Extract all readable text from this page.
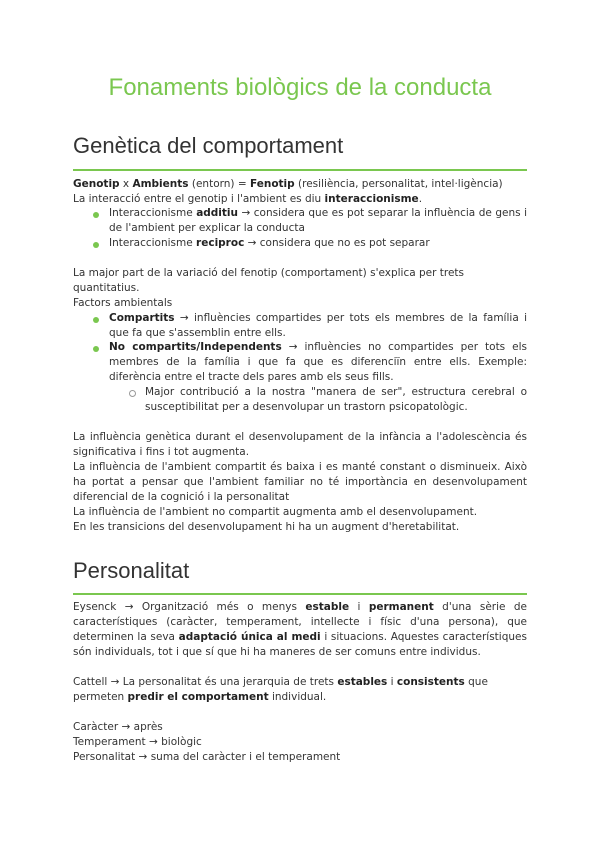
Fonaments biològics de la conducta
Genètica del comportament
Genotip x Ambients (entorn) = Fenotip (resiliència, personalitat, intel·ligència)
La interacció entre el genotip i l'ambient es diu interaccionisme.
Interaccionisme additiu → considera que es pot separar la influència de gens i de l'ambient per explicar la conducta
Interaccionisme reciproc → considera que no es pot separar
La major part de la variació del fenotip (comportament) s'explica per trets quantitatius.
Factors ambientals
Compartits → influències compartides per tots els membres de la família i que fa que s'assemblin entre ells.
No compartits/Independents → influències no compartides per tots els membres de la família i que fa que es diferenciïn entre ells. Exemple: diferència entre el tracte dels pares amb els seus fills.
Major contribució a la nostra "manera de ser", estructura cerebral o susceptibilitat per a desenvolupar un trastorn psicopatològic.
La influència genètica durant el desenvolupament de la infància a l'adolescència és significativa i fins i tot augmenta.
La influència de l'ambient compartit és baixa i es manté constant o disminueix. Això ha portat a pensar que l'ambient familiar no té importància en desenvolupament diferencial de la cognició i la personalitat
La influència de l'ambient no compartit augmenta amb el desenvolupament.
En les transicions del desenvolupament hi ha un augment d'heretabilitat.
Personalitat
Eysenck → Organització més o menys estable i permanent d'una sèrie de característiques (caràcter, temperament, intellecte i físic d'una persona), que determinen la seva adaptació única al medi i situacions. Aquestes característiques són individuals, tot i que sí que hi ha maneres de ser comuns entre individus.
Cattell → La personalitat és una jerarquia de trets estables i consistents que permeten predir el comportament individual.
Caràcter → après
Temperament → biològic
Personalitat → suma del caràcter i el temperament
